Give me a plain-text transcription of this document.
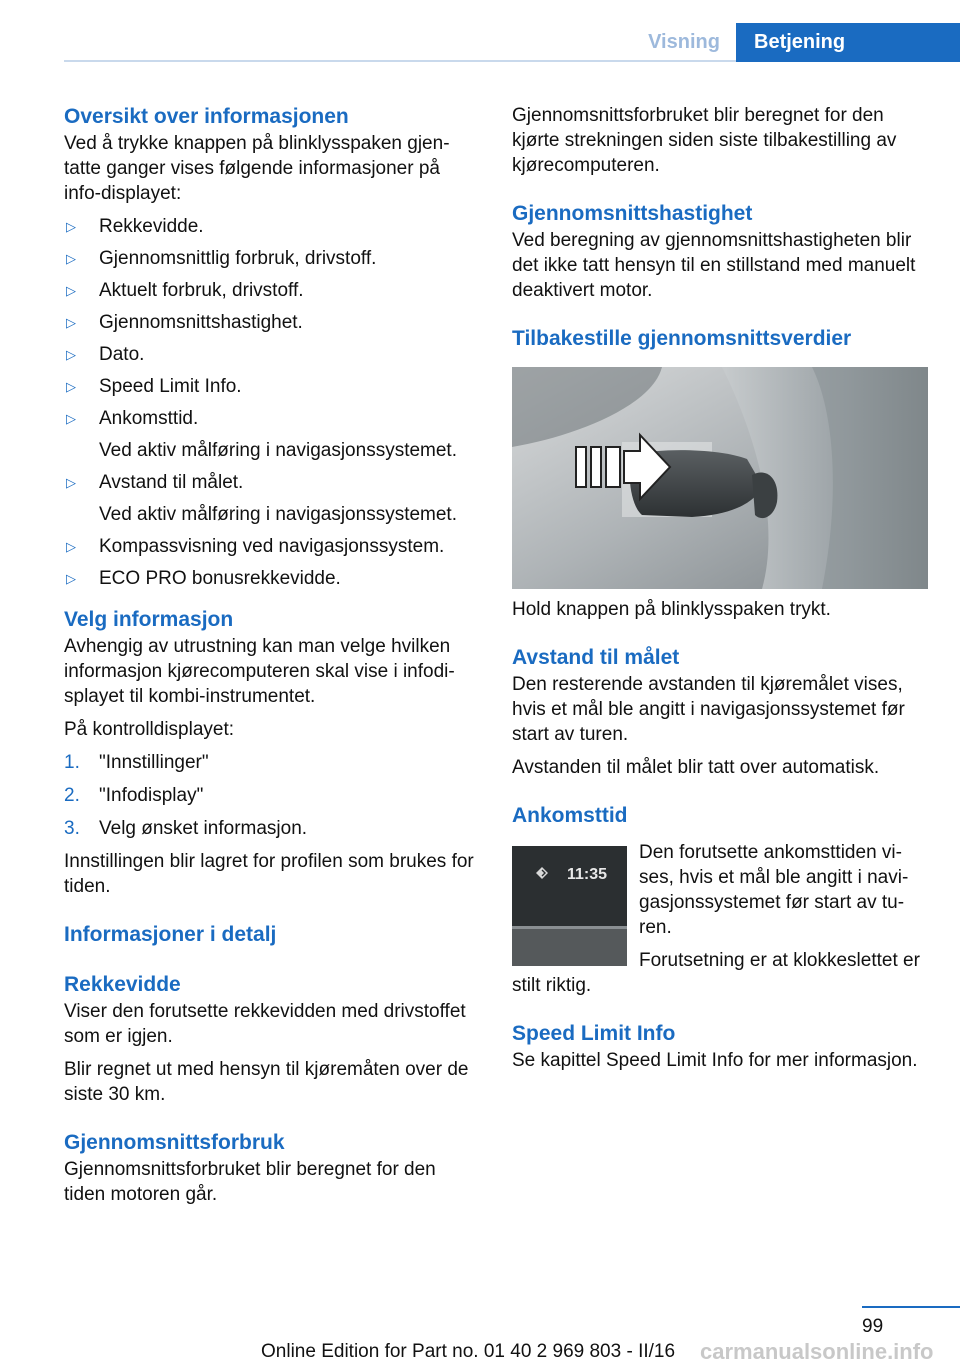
Visning	Betjening
Oversikt over informasjonen

Ved å trykke knappen på blinklysspaken gjentatte ganger vises følgende informasjoner på info-displayet:

▷ Rekkevidde.
▷ Gjennomsnittlig forbruk, drivstoff.
▷ Aktuelt forbruk, drivstoff.
▷ Gjennomsnittshastighet.
▷ Dato.
▷ Speed Limit Info.
▷ Ankomsttid.
Ved aktiv målføring i navigasjonssystemet.
▷ Avstand til målet.
Ved aktiv målføring i navigasjonssystemet.
▷ Kompassvisning ved navigasjonssystem.
▷ ECO PRO bonusrekkevidde.
Velg informasjon

Avhengig av utrustning kan man velge hvilken informasjon kjørecomputeren skal vise i infodisplayet til kombi-instrumentet.

På kontrolldisplayet:

1. "Innstillinger"
2. "Infodisplay"
3. Velg ønsket informasjon.

Innstillingen blir lagret for profilen som brukes for tiden.

Informasjoner i detalj
Rekkevidde

Viser den forutsette rekkevidden med drivstoffet som er igjen.

Blir regnet ut med hensyn til kjøremåten over de siste 30 km.

Gjennomsnittsforbruk

Gjennomsnittsforbruket blir beregnet for den tiden motoren går.

Gjennomsnittsforbruket blir beregnet for den kjørte strekningen siden siste tilbakestilling av kjørecomputeren.

Gjennomsnittshastighet

Ved beregning av gjennomsnittshastigheten blir det ikke tatt hensyn til en stillstand med manuelt deaktivert motor.

Tilbakestille gjennomsnittsverdier

Hold knappen på blinklysspaken trykt.

Avstand til målet

Den resterende avstanden til kjøremålet vises, hvis et mål ble angitt i navigasjonssystemet før start av turen.

Avstanden til målet blir tatt over automatisk.

Ankomsttid
11:35

Den forutsette ankomsttiden vises, hvis et mål ble angitt i navigasjonssystemet før start av turen.

Forutsetning er at klokkeslettet er stilt riktig.

Speed Limit Info

Se kapittel Speed Limit Info for mer informasjon.

99
Online Edition for Part no. 01 40 2 969 803 - II/16 carmanualsonline.info
